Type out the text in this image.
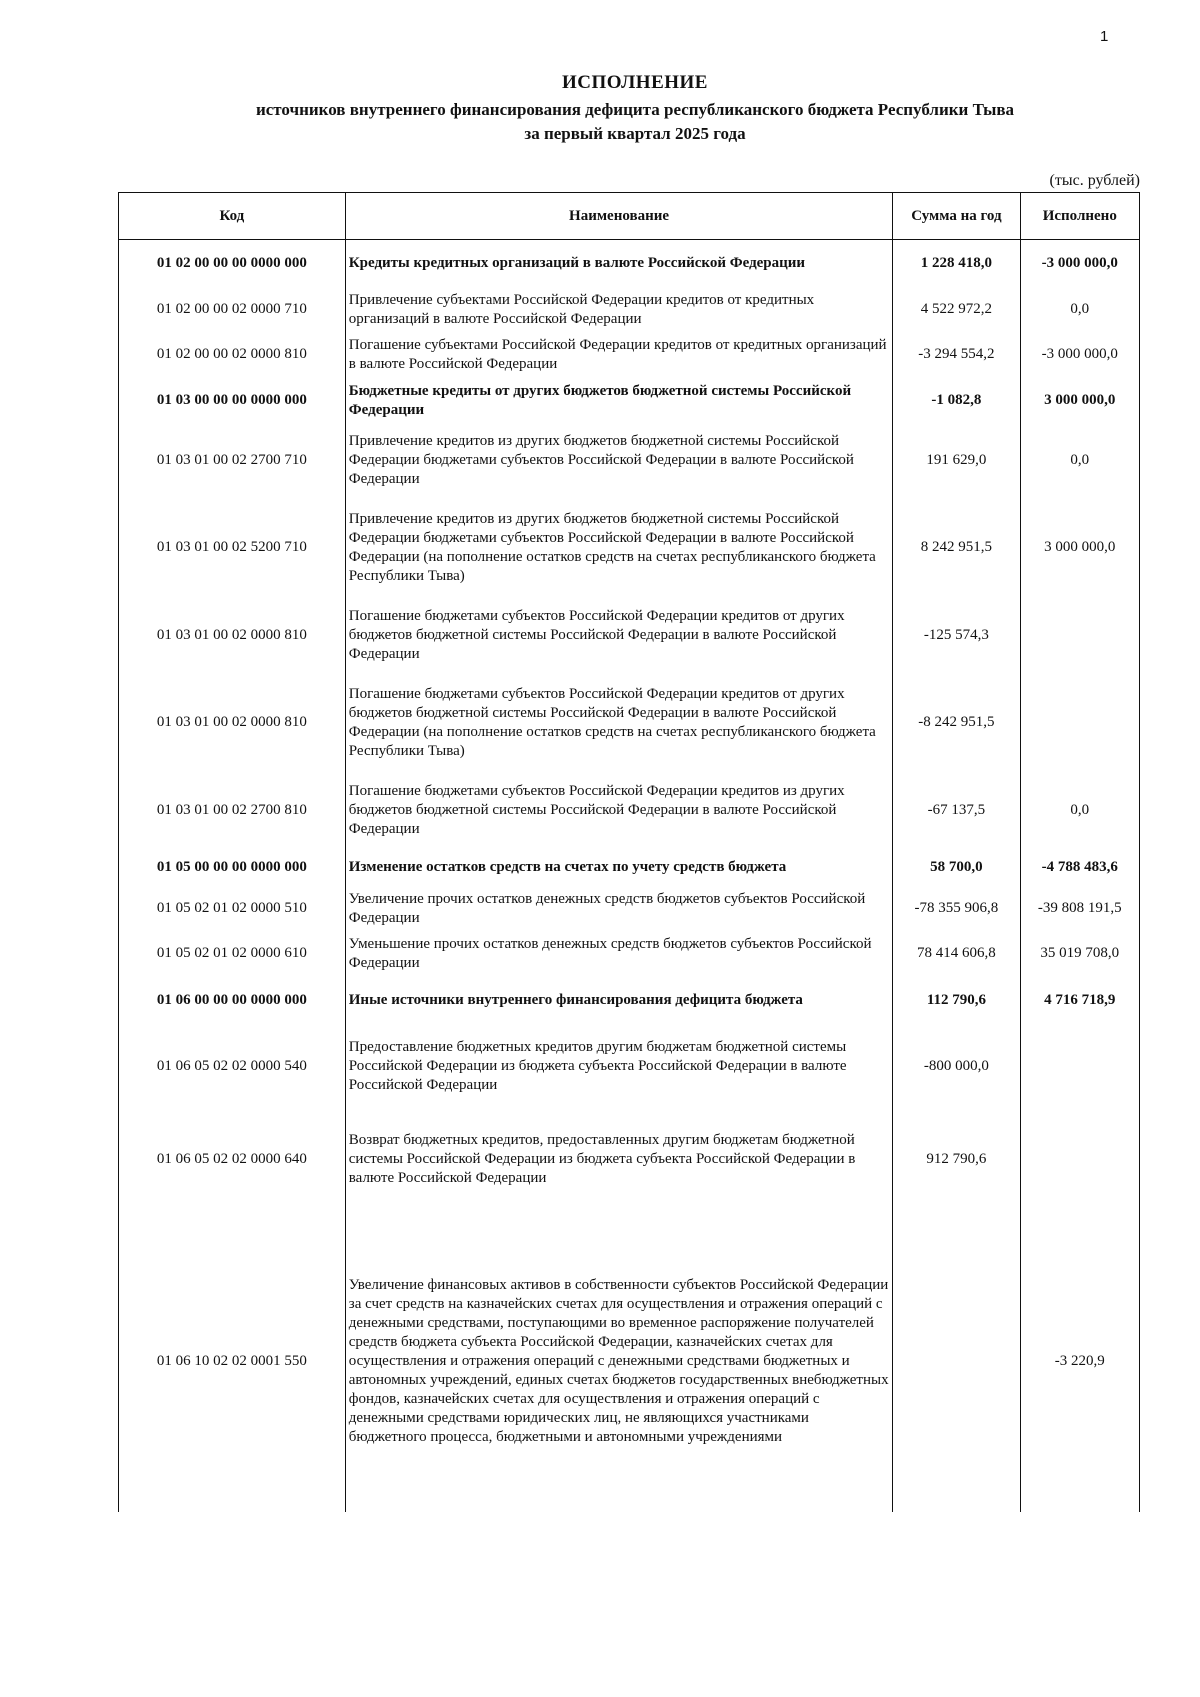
1
ИСПОЛНЕНИЕ
источников внутреннего финансирования дефицита республиканского бюджета Республики Тыва
за первый квартал 2025 года
(тыс. рублей)
Код	Наименование	Сумма на год	Исполнено
01 02 00 00 00 0000 000	Кредиты кредитных организаций в валюте Российской Федерации	1 228 418,0	-3 000 000,0
01 02 00 00 02 0000 710	Привлечение субъектами Российской Федерации кредитов от кредитных организаций в валюте Российской Федерации	4 522 972,2	0,0
01 02 00 00 02 0000 810	Погашение субъектами Российской Федерации кредитов от кредитных организаций в валюте Российской Федерации	-3 294 554,2	-3 000 000,0
01 03 00 00 00 0000 000	Бюджетные кредиты от других бюджетов бюджетной системы Российской Федерации	-1 082,8	3 000 000,0
01 03 01 00 02 2700 710	Привлечение кредитов из других бюджетов бюджетной системы Российской Федерации бюджетами субъектов Российской Федерации в валюте Российской Федерации	191 629,0	0,0
01 03 01 00 02 5200 710	Привлечение кредитов из других бюджетов бюджетной системы Российской Федерации бюджетами субъектов Российской Федерации в валюте Российской Федерации (на пополнение остатков средств на счетах республиканского бюджета Республики Тыва)	8 242 951,5	3 000 000,0
01 03 01 00 02 0000 810	Погашение бюджетами субъектов Российской Федерации кредитов от других бюджетов бюджетной системы Российской Федерации в валюте Российской Федерации	-125 574,3	
01 03 01 00 02 0000 810	Погашение бюджетами субъектов Российской Федерации кредитов от других бюджетов бюджетной системы Российской Федерации в валюте Российской Федерации (на пополнение остатков средств на счетах республиканского бюджета Республики Тыва)	-8 242 951,5	
01 03 01 00 02 2700 810	Погашение бюджетами субъектов Российской Федерации кредитов из других бюджетов бюджетной системы Российской Федерации в валюте Российской Федерации	-67 137,5	0,0
01 05 00 00 00 0000 000	Изменение остатков средств на счетах по учету средств бюджета	58 700,0	-4 788 483,6
01 05 02 01 02 0000 510	Увеличение прочих остатков денежных средств бюджетов субъектов Российской Федерации	-78 355 906,8	-39 808 191,5
01 05 02 01 02 0000 610	Уменьшение прочих остатков денежных средств бюджетов субъектов Российской Федерации	78 414 606,8	35 019 708,0
01 06 00 00 00 0000 000	Иные источники внутреннего финансирования дефицита бюджета	112 790,6	4 716 718,9
01 06 05 02 02 0000 540	Предоставление бюджетных кредитов другим бюджетам бюджетной системы Российской Федерации из бюджета субъекта Российской Федерации в валюте Российской Федерации	-800 000,0	
01 06 05 02 02 0000 640	Возврат бюджетных кредитов, предоставленных другим бюджетам бюджетной системы Российской Федерации из бюджета субъекта Российской Федерации в валюте Российской Федерации	912 790,6	
01 06 10 02 02 0001 550	Увеличение финансовых активов в собственности субъектов Российской Федерации за счет средств на казначейских счетах для осуществления и отражения операций с денежными средствами, поступающими во временное распоряжение получателей средств бюджета субъекта Российской Федерации, казначейских счетах для осуществления и отражения операций с денежными средствами бюджетных и автономных учреждений, единых счетах бюджетов государственных внебюджетных фондов, казначейских счетах для осуществления и отражения операций с денежными средствами юридических лиц, не являющихся участниками бюджетного процесса, бюджетными и автономными учреждениями		-3 220,9
